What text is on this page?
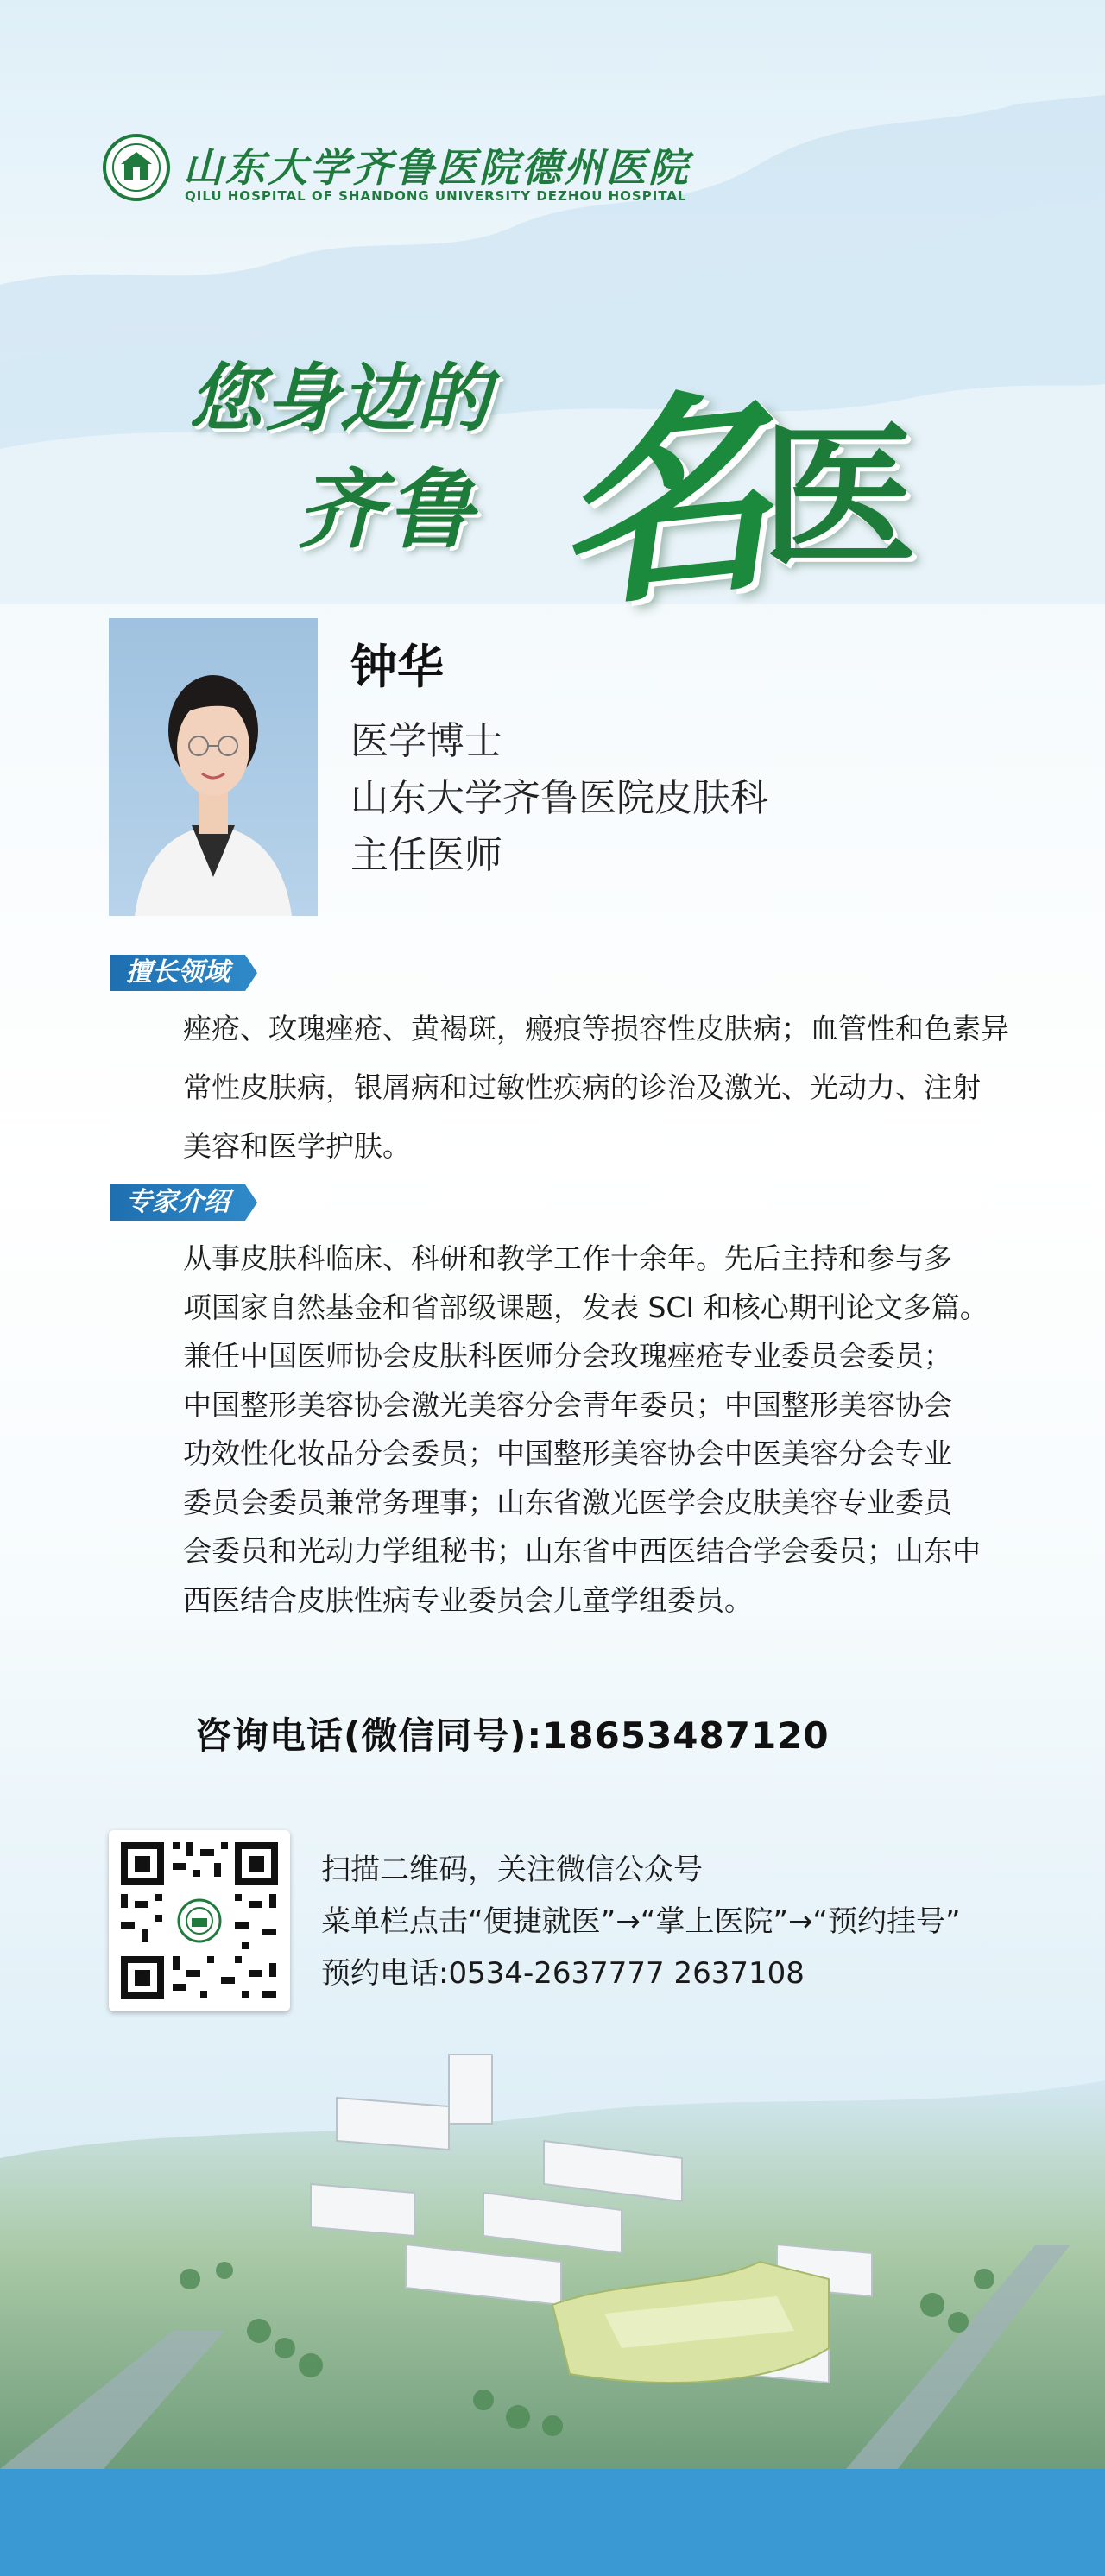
山东大学齐鲁医院德州医院
QILU HOSPITAL OF SHANDONG UNIVERSITY DEZHOU HOSPITAL
您身边的
齐鲁 名
医
钟华
医学博士
山东大学齐鲁医院皮肤科
主任医师
擅长领域
痤疮、玫瑰痤疮、黄褐斑，瘢痕等损容性皮肤病；血管性和色素异
常性皮肤病，银屑病和过敏性疾病的诊治及激光、光动力、注射
美容和医学护肤。
专家介绍
从事皮肤科临床、科研和教学工作十余年。先后主持和参与多
项国家自然基金和省部级课题，发表 SCI 和核心期刊论文多篇。
兼任中国医师协会皮肤科医师分会玫瑰痤疮专业委员会委员；
中国整形美容协会激光美容分会青年委员；中国整形美容协会
功效性化妆品分会委员；中国整形美容协会中医美容分会专业
委员会委员兼常务理事；山东省激光医学会皮肤美容专业委员
会委员和光动力学组秘书；山东省中西医结合学会委员；山东中
西医结合皮肤性病专业委员会儿童学组委员。
咨询电话(微信同号):18653487120
扫描二维码，关注微信公众号
菜单栏点击“便捷就医”→“掌上医院”→“预约挂号”
预约电话:0534-2637777 2637108
